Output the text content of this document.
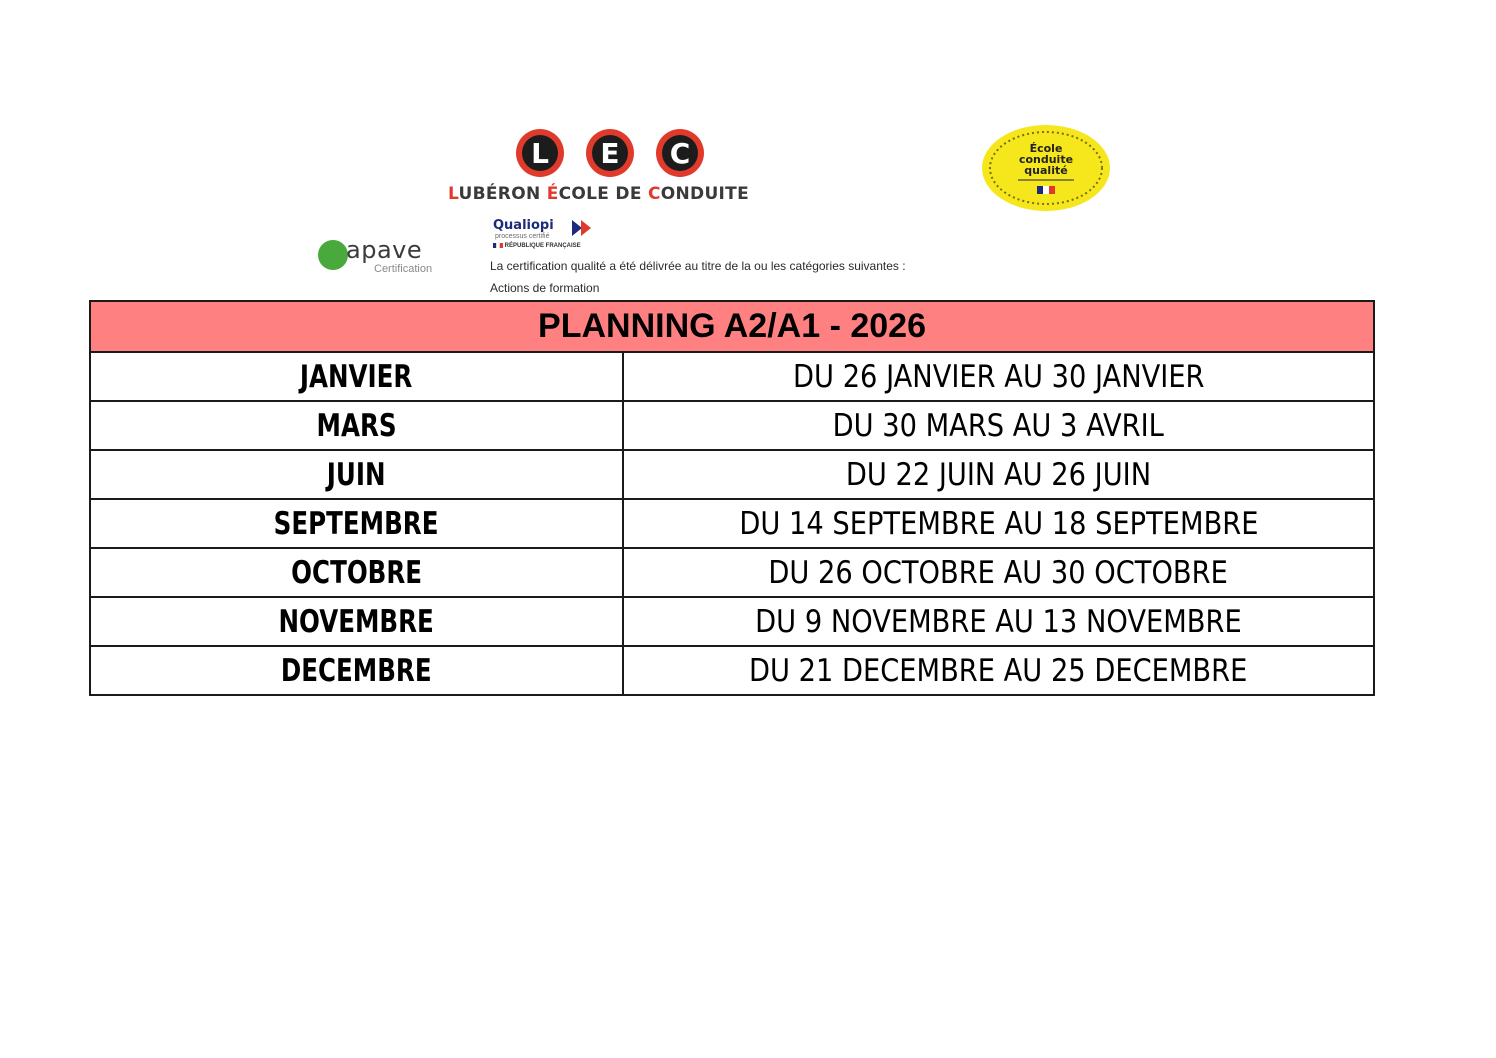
L E C
LUBÉRON ÉCOLE DE CONDUITE
École
conduite
qualité
apave
Certification
Qualiopi
processus certifié
RÉPUBLIQUE FRANÇAISE
La certification qualité a été délivrée au titre de la ou les catégories suivantes :
Actions de formation
PLANNING A2/A1 - 2026	
JANVIER	DU 26 JANVIER AU 30 JANVIER
MARS	DU 30 MARS AU 3 AVRIL
JUIN	DU 22 JUIN AU 26 JUIN
SEPTEMBRE	DU 14 SEPTEMBRE AU 18 SEPTEMBRE
OCTOBRE	DU 26 OCTOBRE AU 30 OCTOBRE
NOVEMBRE	DU 9 NOVEMBRE AU 13 NOVEMBRE
DECEMBRE	DU 21 DECEMBRE AU 25 DECEMBRE
